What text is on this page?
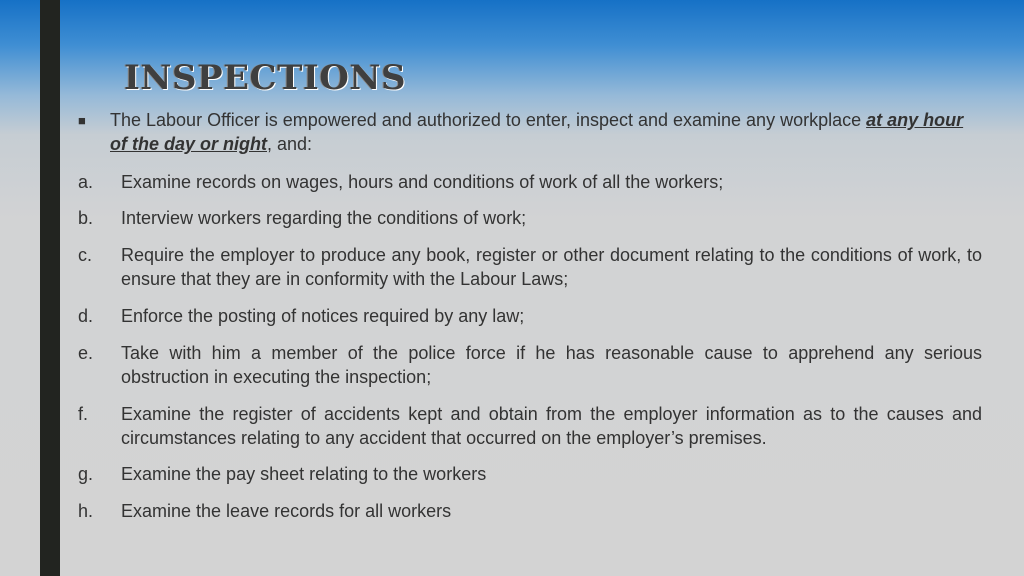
INSPECTIONS
■ The Labour Officer is empowered and authorized to enter, inspect and examine any workplace at any hour of the day or night, and:
a. Examine records on wages, hours and conditions of work of all the workers;
b. Interview workers regarding the conditions of work;
c. Require the employer to produce any book, register or other document relating to the conditions of work, to ensure that they are in conformity with the Labour Laws;
d. Enforce the posting of notices required by any law;
e. Take with him a member of the police force if he has reasonable cause to apprehend any serious obstruction in executing the inspection;
f. Examine the register of accidents kept and obtain from the employer information as to the causes and circumstances relating to any accident that occurred on the employer’s premises.
g. Examine the pay sheet relating to the workers
h. Examine the leave records for all workers
